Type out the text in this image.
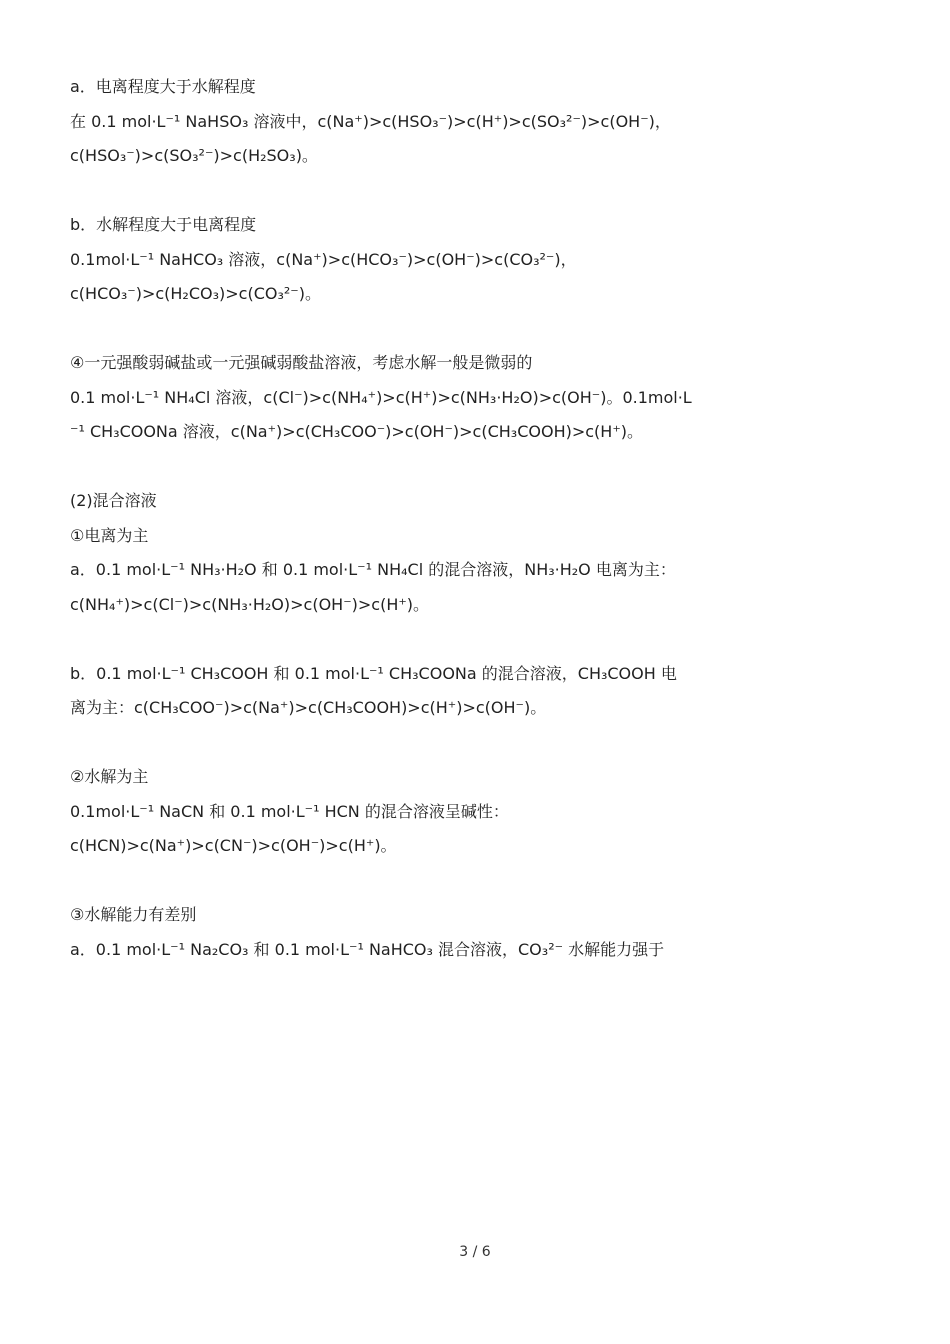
a．电离程度大于水解程度
在 0.1 mol·L⁻¹ NaHSO₃ 溶液中，c(Na⁺)>c(HSO₃⁻)>c(H⁺)>c(SO₃²⁻)>c(OH⁻)，
c(HSO₃⁻)>c(SO₃²⁻)>c(H₂SO₃)。
b．水解程度大于电离程度
0.1mol·L⁻¹ NaHCO₃ 溶液，c(Na⁺)>c(HCO₃⁻)>c(OH⁻)>c(CO₃²⁻)，
c(HCO₃⁻)>c(H₂CO₃)>c(CO₃²⁻)。
④一元强酸弱碱盐或一元强碱弱酸盐溶液，考虑水解一般是微弱的
0.1 mol·L⁻¹ NH₄Cl 溶液，c(Cl⁻)>c(NH₄⁺)>c(H⁺)>c(NH₃·H₂O)>c(OH⁻)。0.1mol·L
⁻¹ CH₃COONa 溶液，c(Na⁺)>c(CH₃COO⁻)>c(OH⁻)>c(CH₃COOH)>c(H⁺)。
(2)混合溶液
①电离为主
a．0.1 mol·L⁻¹ NH₃·H₂O 和 0.1 mol·L⁻¹ NH₄Cl 的混合溶液，NH₃·H₂O 电离为主：
c(NH₄⁺)>c(Cl⁻)>c(NH₃·H₂O)>c(OH⁻)>c(H⁺)。
b．0.1 mol·L⁻¹ CH₃COOH 和 0.1 mol·L⁻¹ CH₃COONa 的混合溶液，CH₃COOH 电
离为主：c(CH₃COO⁻)>c(Na⁺)>c(CH₃COOH)>c(H⁺)>c(OH⁻)。
②水解为主
0.1mol·L⁻¹ NaCN 和 0.1 mol·L⁻¹ HCN 的混合溶液呈碱性：
c(HCN)>c(Na⁺)>c(CN⁻)>c(OH⁻)>c(H⁺)。
③水解能力有差别
a．0.1 mol·L⁻¹ Na₂CO₃ 和 0.1 mol·L⁻¹ NaHCO₃ 混合溶液，CO₃²⁻ 水解能力强于
3 / 6
